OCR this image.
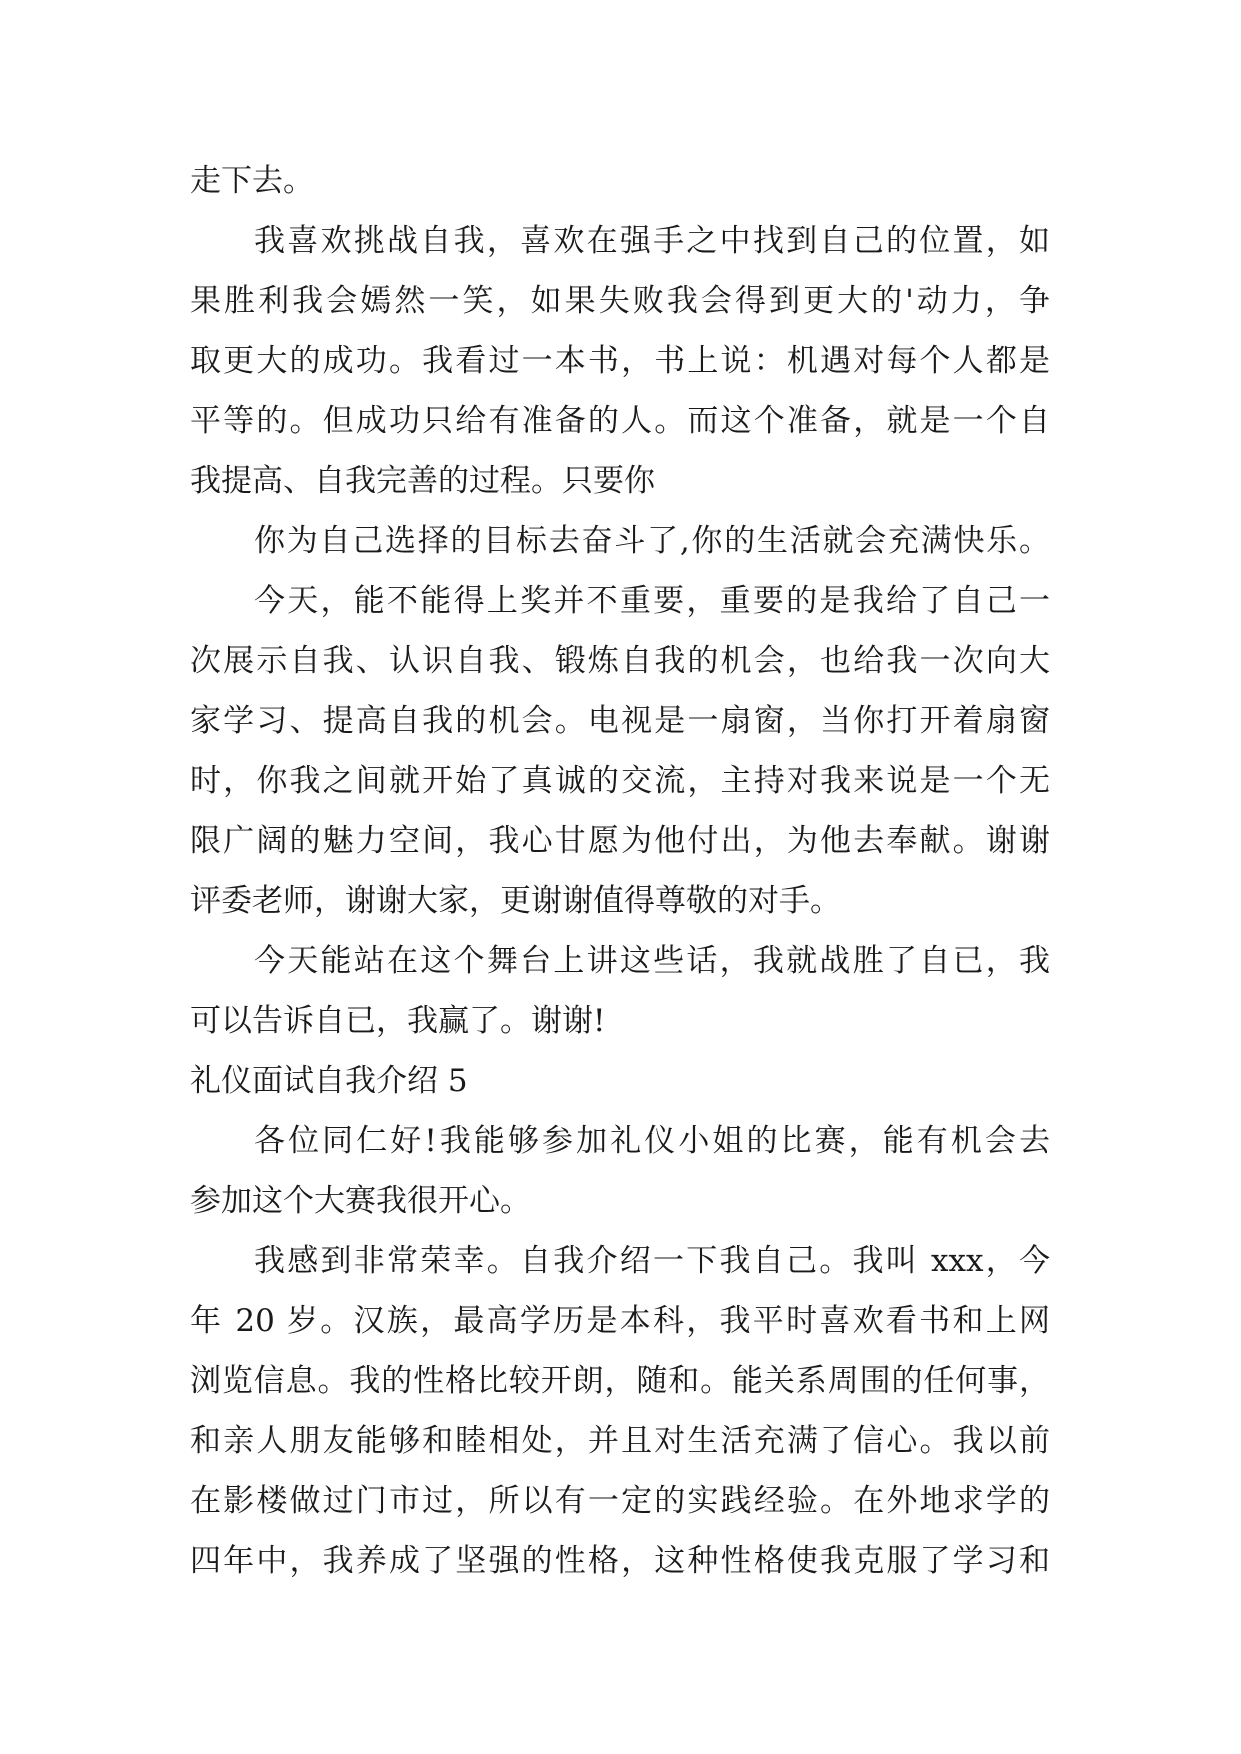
走下去。
我喜欢挑战自我，喜欢在强手之中找到自己的位置，如
果胜利我会嫣然一笑，如果失败我会得到更大的'动力，争
取更大的成功。我看过一本书，书上说：机遇对每个人都是
平等的。但成功只给有准备的人。而这个准备，就是一个自
我提高、自我完善的过程。只要你
你为自己选择的目标去奋斗了,你的生活就会充满快乐。
今天，能不能得上奖并不重要，重要的是我给了自己一
次展示自我、认识自我、锻炼自我的机会，也给我一次向大
家学习、提高自我的机会。电视是一扇窗，当你打开着扇窗
时，你我之间就开始了真诚的交流，主持对我来说是一个无
限广阔的魅力空间，我心甘愿为他付出，为他去奉献。谢谢
评委老师，谢谢大家，更谢谢值得尊敬的对手。
今天能站在这个舞台上讲这些话，我就战胜了自已，我
可以告诉自已，我赢了。谢谢!
礼仪面试自我介绍 5
各位同仁好!我能够参加礼仪小姐的比赛，能有机会去
参加这个大赛我很开心。
我感到非常荣幸。自我介绍一下我自己。我叫 xxx，今
年 20 岁。汉族，最高学历是本科，我平时喜欢看书和上网
浏览信息。我的性格比较开朗，随和。能关系周围的任何事，
和亲人朋友能够和睦相处，并且对生活充满了信心。我以前
在影楼做过门市过，所以有一定的实践经验。在外地求学的
四年中，我养成了坚强的性格，这种性格使我克服了学习和
